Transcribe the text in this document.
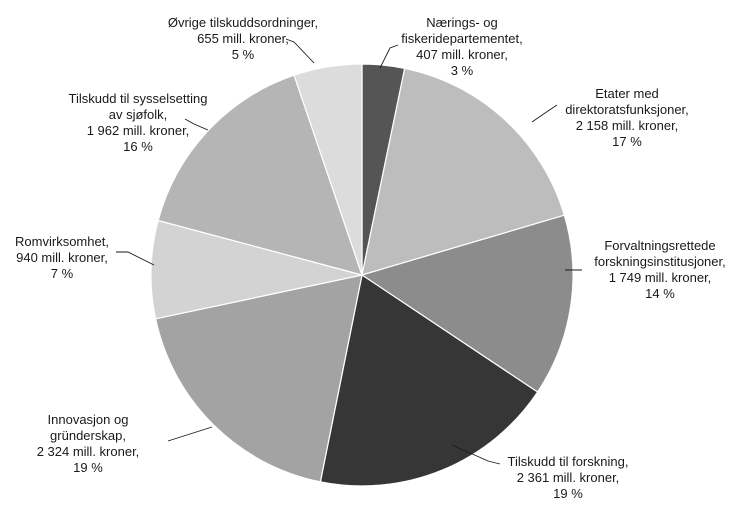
Nærings- og fiskeridepartementet, 407 mill. kroner, 3 %
Etater med direktoratsfunksjoner, 2 158 mill. kroner, 17 %
Forvaltningsrettede forskningsinstitusjoner, 1 749 mill. kroner, 14 %
Tilskudd til forskning, 2 361 mill. kroner, 19 %
Innovasjon og gründerskap, 2 324 mill. kroner, 19 %
Romvirksomhet, 940 mill. kroner, 7 %
Tilskudd til sysselsetting av sjøfolk, 1 962 mill. kroner, 16 %
Øvrige tilskuddsordninger, 655 mill. kroner, 5 %
